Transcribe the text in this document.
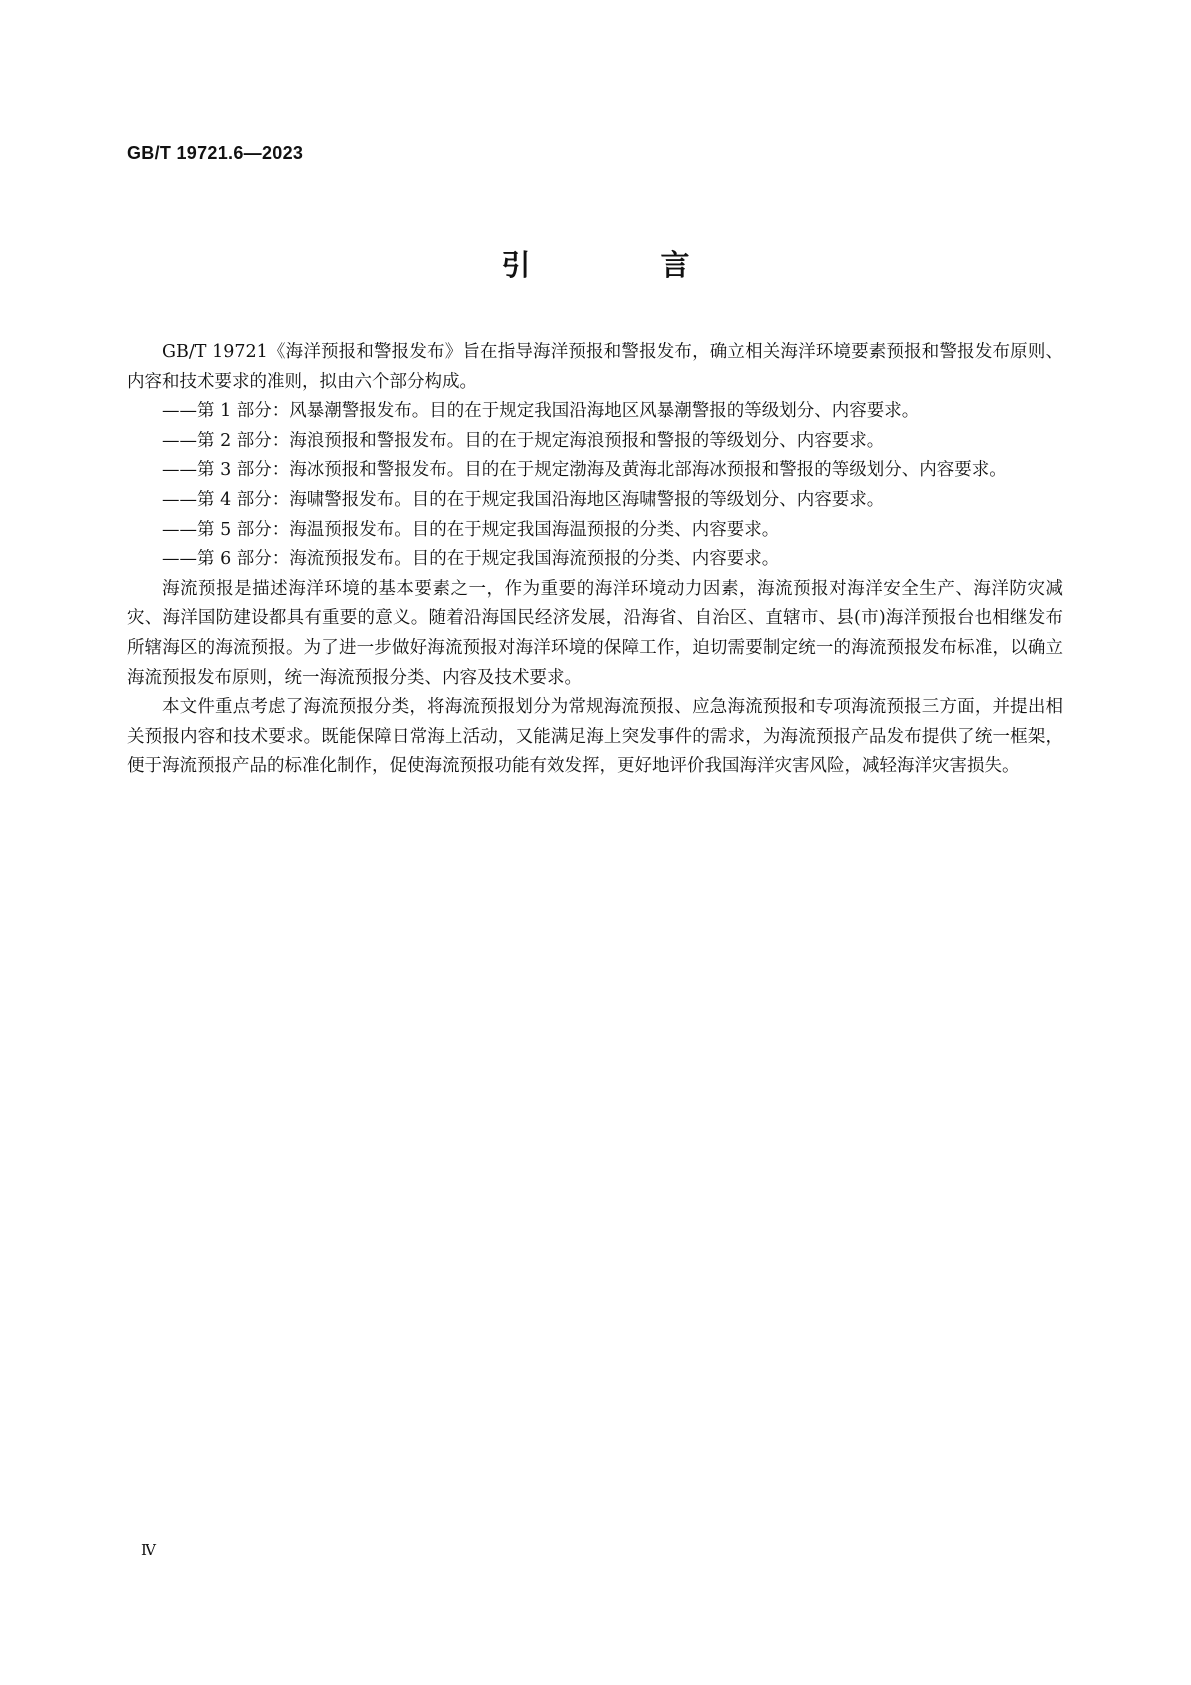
GB/T 19721.6—2023
引 言

GB/T 19721《海洋预报和警报发布》旨在指导海洋预报和警报发布，确立相关海洋环境要素预报和警报发布原则、内容和技术要求的准则，拟由六个部分构成。

——第 1 部分：风暴潮警报发布。目的在于规定我国沿海地区风暴潮警报的等级划分、内容要求。

——第 2 部分：海浪预报和警报发布。目的在于规定海浪预报和警报的等级划分、内容要求。

——第 3 部分：海冰预报和警报发布。目的在于规定渤海及黄海北部海冰预报和警报的等级划分、内容要求。

——第 4 部分：海啸警报发布。目的在于规定我国沿海地区海啸警报的等级划分、内容要求。

——第 5 部分：海温预报发布。目的在于规定我国海温预报的分类、内容要求。

——第 6 部分：海流预报发布。目的在于规定我国海流预报的分类、内容要求。

海流预报是描述海洋环境的基本要素之一，作为重要的海洋环境动力因素，海流预报对海洋安全生产、海洋防灾减灾、海洋国防建设都具有重要的意义。随着沿海国民经济发展，沿海省、自治区、直辖市、县(市)海洋预报台也相继发布所辖海区的海流预报。为了进一步做好海流预报对海洋环境的保障工作，迫切需要制定统一的海流预报发布标准，以确立海流预报发布原则，统一海流预报分类、内容及技术要求。

本文件重点考虑了海流预报分类，将海流预报划分为常规海流预报、应急海流预报和专项海流预报三方面，并提出相关预报内容和技术要求。既能保障日常海上活动，又能满足海上突发事件的需求，为海流预报产品发布提供了统一框架，便于海流预报产品的标准化制作，促使海流预报功能有效发挥，更好地评价我国海洋灾害风险，减轻海洋灾害损失。

Ⅳ
